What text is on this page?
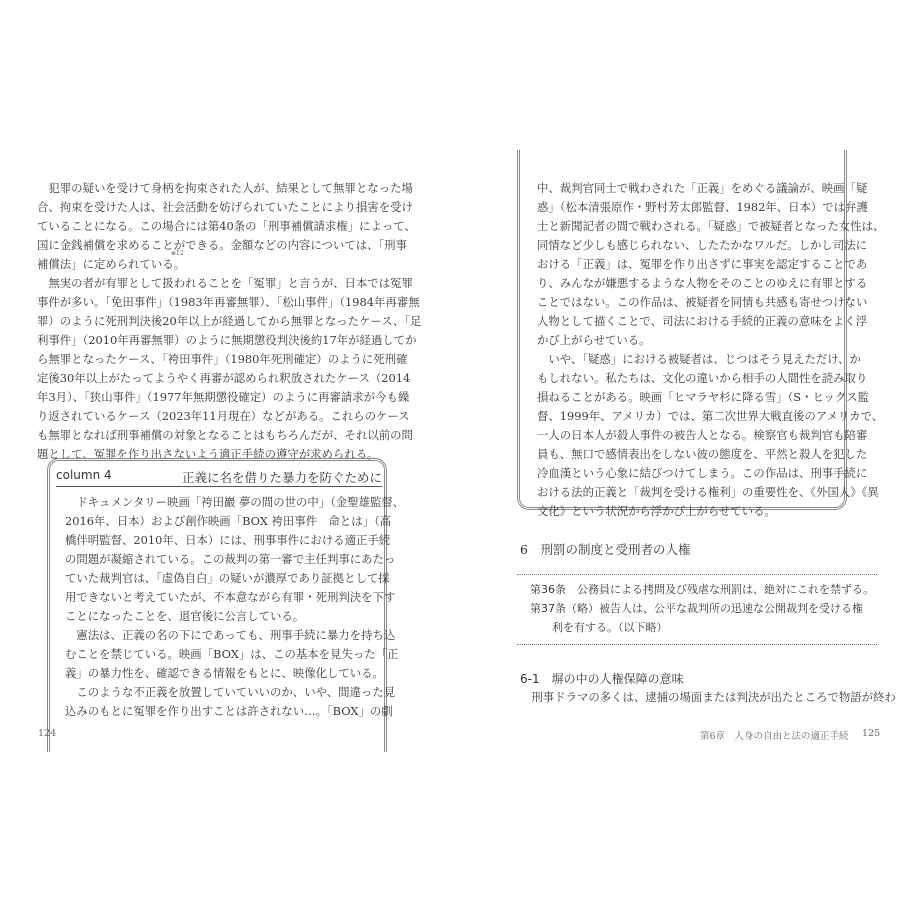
　犯罪の疑いを受けて身柄を拘束された人が、結果として無罪となった場
合、拘束を受けた人は、社会活動を妨げられていたことにより損害を受け
ていることになる。この場合には第40条の「刑事補償請求権」によって、
国に金銭補償を求めることができる。金額などの内容については、「刑事
補償法」に定められている。
　無実の者が有罪として扱われることを「冤罪」と言うが、日本では冤罪
事件が多い。「免田事件」（1983年再審無罪）、「松山事件」（1984年再審無
罪）のように死刑判決後20年以上が経過してから無罪となったケース、「足
利事件」（2010年再審無罪）のように無期懲役判決後約17年が経過してか
ら無罪となったケース、「袴田事件」（1980年死刑確定）のように死刑確
定後30年以上がたってようやく再審が認められ釈放されたケース（2014
年3月）、「狭山事件」（1977年無期懲役確定）のように再審請求が今も繰
り返されているケース（2023年11月現在）などがある。これらのケース
も無罪となれば刑事補償の対象となることはもちろんだが、それ以前の問
題として、冤罪を作り出さないよう適正手続の遵守が求められる。
※12
column 4	正義に名を借りた暴力を防ぐために
　ドキュメンタリー映画「袴田巖 夢の間の世の中」（金聖雄監督、
2016年、日本）および創作映画「BOX 袴田事件　命とは」（高
橋伴明監督、2010年、日本）には、刑事事件における適正手続
の問題が凝縮されている。この裁判の第一審で主任判事にあたっ
ていた裁判官は、「虚偽自白」の疑いが濃厚であり証拠として採
用できないと考えていたが、不本意ながら有罪・死刑判決を下す
ことになったことを、退官後に公言している。
　憲法は、正義の名の下にであっても、刑事手続に暴力を持ち込
むことを禁じている。映画「BOX」は、この基本を見失った「正
義」の暴力性を、確認できる情報をもとに、映像化している。
　このような不正義を放置していていいのか、いや、間違った見
込みのもとに冤罪を作り出すことは許されない…。「BOX」の劇
124
中、裁判官同士で戦わされた「正義」をめぐる議論が、映画「疑
惑」（松本清張原作・野村芳太郎監督、1982年、日本）では弁護
士と新聞記者の間で戦わされる。「疑惑」で被疑者となった女性は、
同情など少しも感じられない、したたかなワルだ。しかし司法に
おける「正義」は、冤罪を作り出さずに事実を認定することであ
り、みんなが嫌悪するような人物をそのことのゆえに有罪とする
ことではない。この作品は、被疑者を同情も共感も寄せつけない
人物として描くことで、司法における手続的正義の意味をよく浮
かび上がらせている。
　いや、「疑惑」における被疑者は、じつはそう見えただけ、か
もしれない。私たちは、文化の違いから相手の人間性を読み取り
損ねることがある。映画「ヒマラヤ杉に降る雪」（S・ヒックス監
督、1999年、アメリカ）では、第二次世界大戦直後のアメリカで、
一人の日本人が殺人事件の被告人となる。検察官も裁判官も陪審
員も、無口で感情表出をしない彼の態度を、平然と殺人を犯した
冷血漢という心象に結びつけてしまう。この作品は、刑事手続に
おける法的正義と「裁判を受ける権利」の重要性を、《外国人》《異
文化》という状況から浮かび上がらせている。
6　刑罰の制度と受刑者の人権
第36条　公務員による拷問及び残虐な刑罰は、絶対にこれを禁ずる。
第37条（略）被告人は、公平な裁判所の迅速な公開裁判を受ける権
　　利を有する。（以下略）
6-1　塀の中の人権保障の意味
　刑事ドラマの多くは、逮捕の場面または判決が出たところで物語が終わ
第6章　人身の自由と法の適正手続 125
